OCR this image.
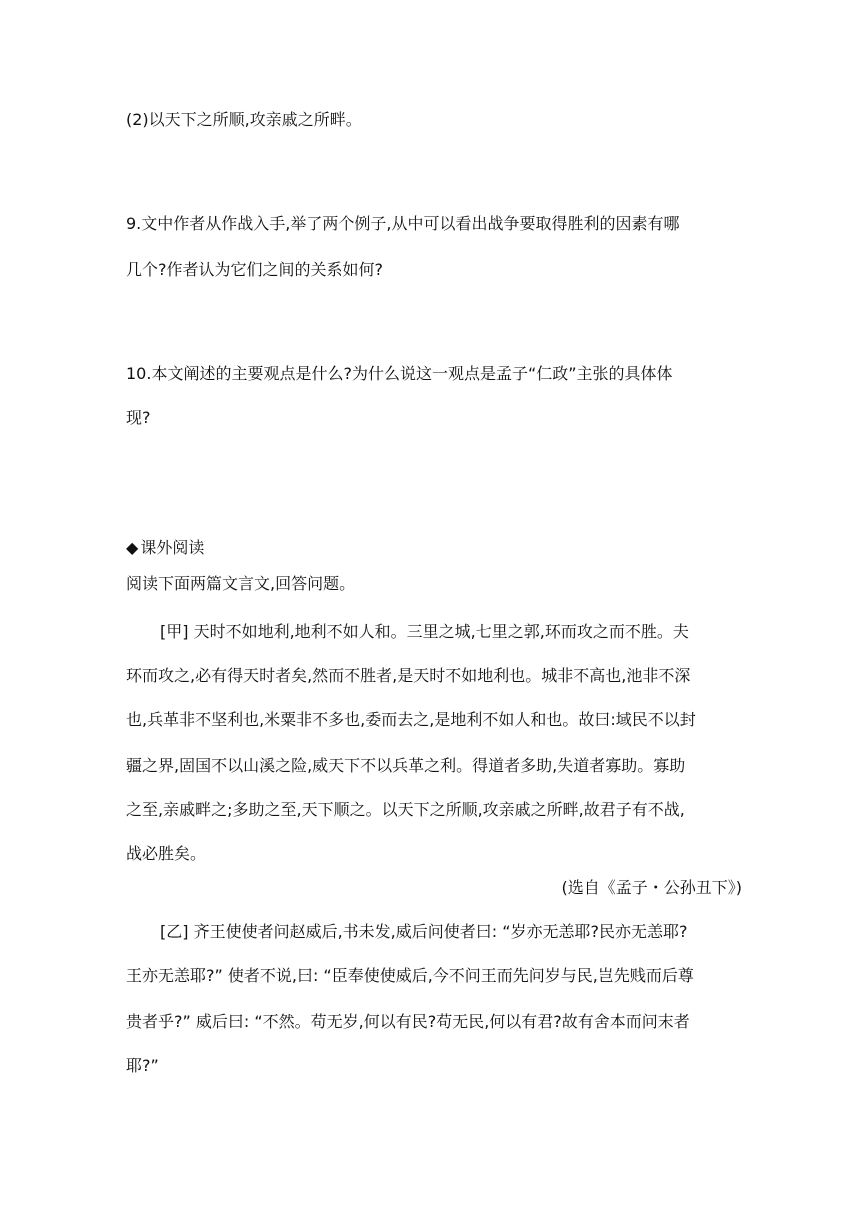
(2)以天下之所顺,攻亲戚之所畔。
9.文中作者从作战入手,举了两个例子,从中可以看出战争要取得胜利的因素有哪
几个?作者认为它们之间的关系如何?
10.本文阐述的主要观点是什么?为什么说这一观点是孟子“仁政”主张的具体体
现?
◆ 课外阅读
阅读下面两篇文言文,回答问题。
[甲] 天时不如地利,地利不如人和。三里之城,七里之郭,环而攻之而不胜。夫
环而攻之,必有得天时者矣,然而不胜者,是天时不如地利也。城非不高也,池非不深
也,兵革非不坚利也,米粟非不多也,委而去之,是地利不如人和也。故曰:域民不以封
疆之界,固国不以山溪之险,威天下不以兵革之利。得道者多助,失道者寡助。寡助
之至,亲戚畔之;多助之至,天下顺之。以天下之所顺,攻亲戚之所畔,故君子有不战,
战必胜矣。
(选自《孟子・公孙丑下》)
[乙] 齐王使使者问赵威后,书未发,威后问使者曰: “岁亦无恙耶?民亦无恙耶?
王亦无恙耶?” 使者不说,曰: “臣奉使使威后,今不问王而先问岁与民,岂先贱而后尊
贵者乎?” 威后曰: “不然。苟无岁,何以有民?苟无民,何以有君?故有舍本而问末者
耶?”
